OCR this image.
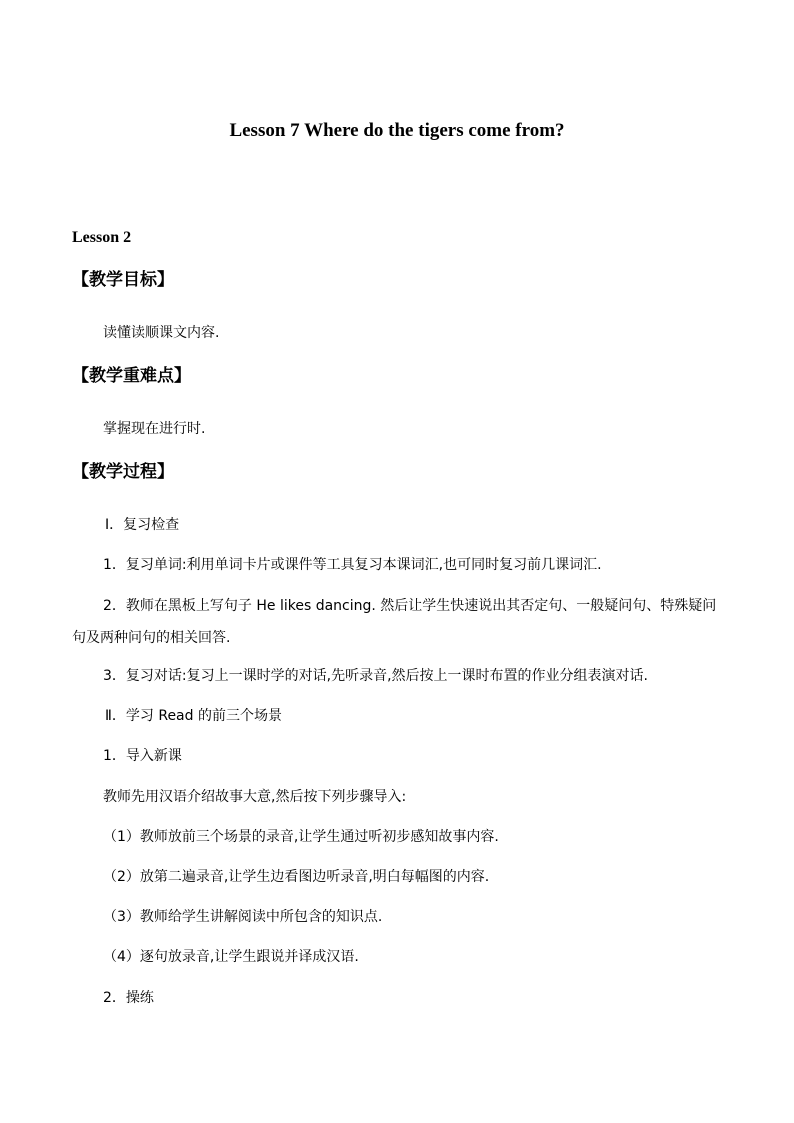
Lesson 7 Where do the tigers come from?
Lesson 2
【教学目标】
读懂读顺课文内容.
【教学重难点】
掌握现在进行时.
【教学过程】
Ⅰ．复习检查
1．复习单词:利用单词卡片或课件等工具复习本课词汇,也可同时复习前几课词汇.
2．教师在黑板上写句子 He likes dancing. 然后让学生快速说出其否定句、一般疑问句、特殊疑问句及两种问句的相关回答.
3．复习对话:复习上一课时学的对话,先听录音,然后按上一课时布置的作业分组表演对话.
Ⅱ．学习 Read 的前三个场景
1．导入新课
教师先用汉语介绍故事大意,然后按下列步骤导入:
（1）教师放前三个场景的录音,让学生通过听初步感知故事内容.
（2）放第二遍录音,让学生边看图边听录音,明白每幅图的内容.
（3）教师给学生讲解阅读中所包含的知识点.
（4）逐句放录音,让学生跟说并译成汉语.
2．操练
